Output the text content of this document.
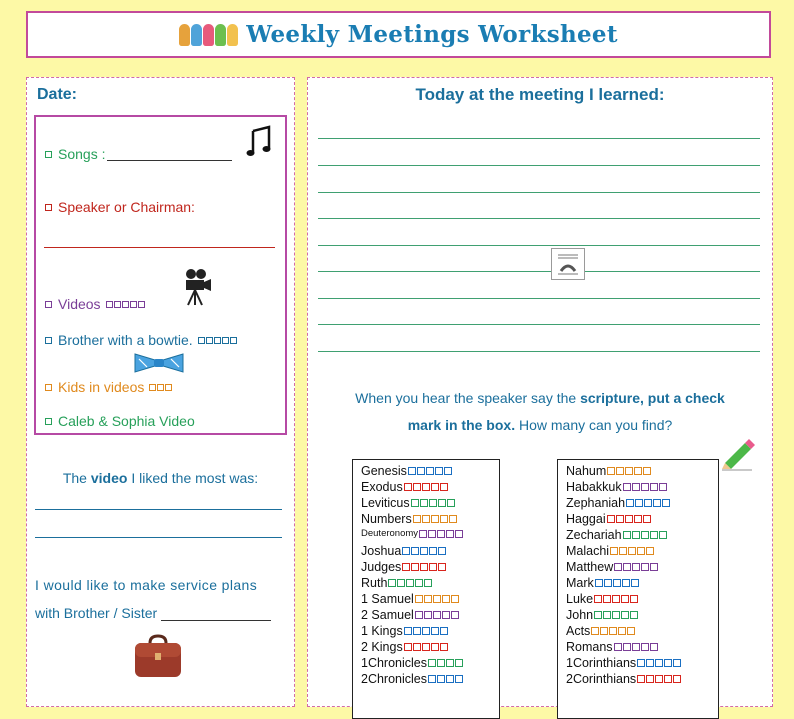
Weekly Meetings Worksheet
Date:
Songs :
Speaker or Chairman:
Videos
Brother with a bowtie.
Kids in videos
Caleb & Sophia Video
The video I liked the most was:
I would like to make service plans
with Brother / Sister
Today at the meeting I learned:
When you hear the speaker say the scripture, put a check
mark in the box. How many can you find?
Genesis
Exodus
Leviticus
Numbers
Deuteronomy
Joshua
Judges
Ruth
1 Samuel
2 Samuel
1 Kings
2 Kings
1Chronicles
2Chronicles
Nahum
Habakkuk
Zephaniah
Haggai
Zechariah
Malachi
Matthew
Mark
Luke
John
Acts
Romans
1Corinthians
2Corinthians
